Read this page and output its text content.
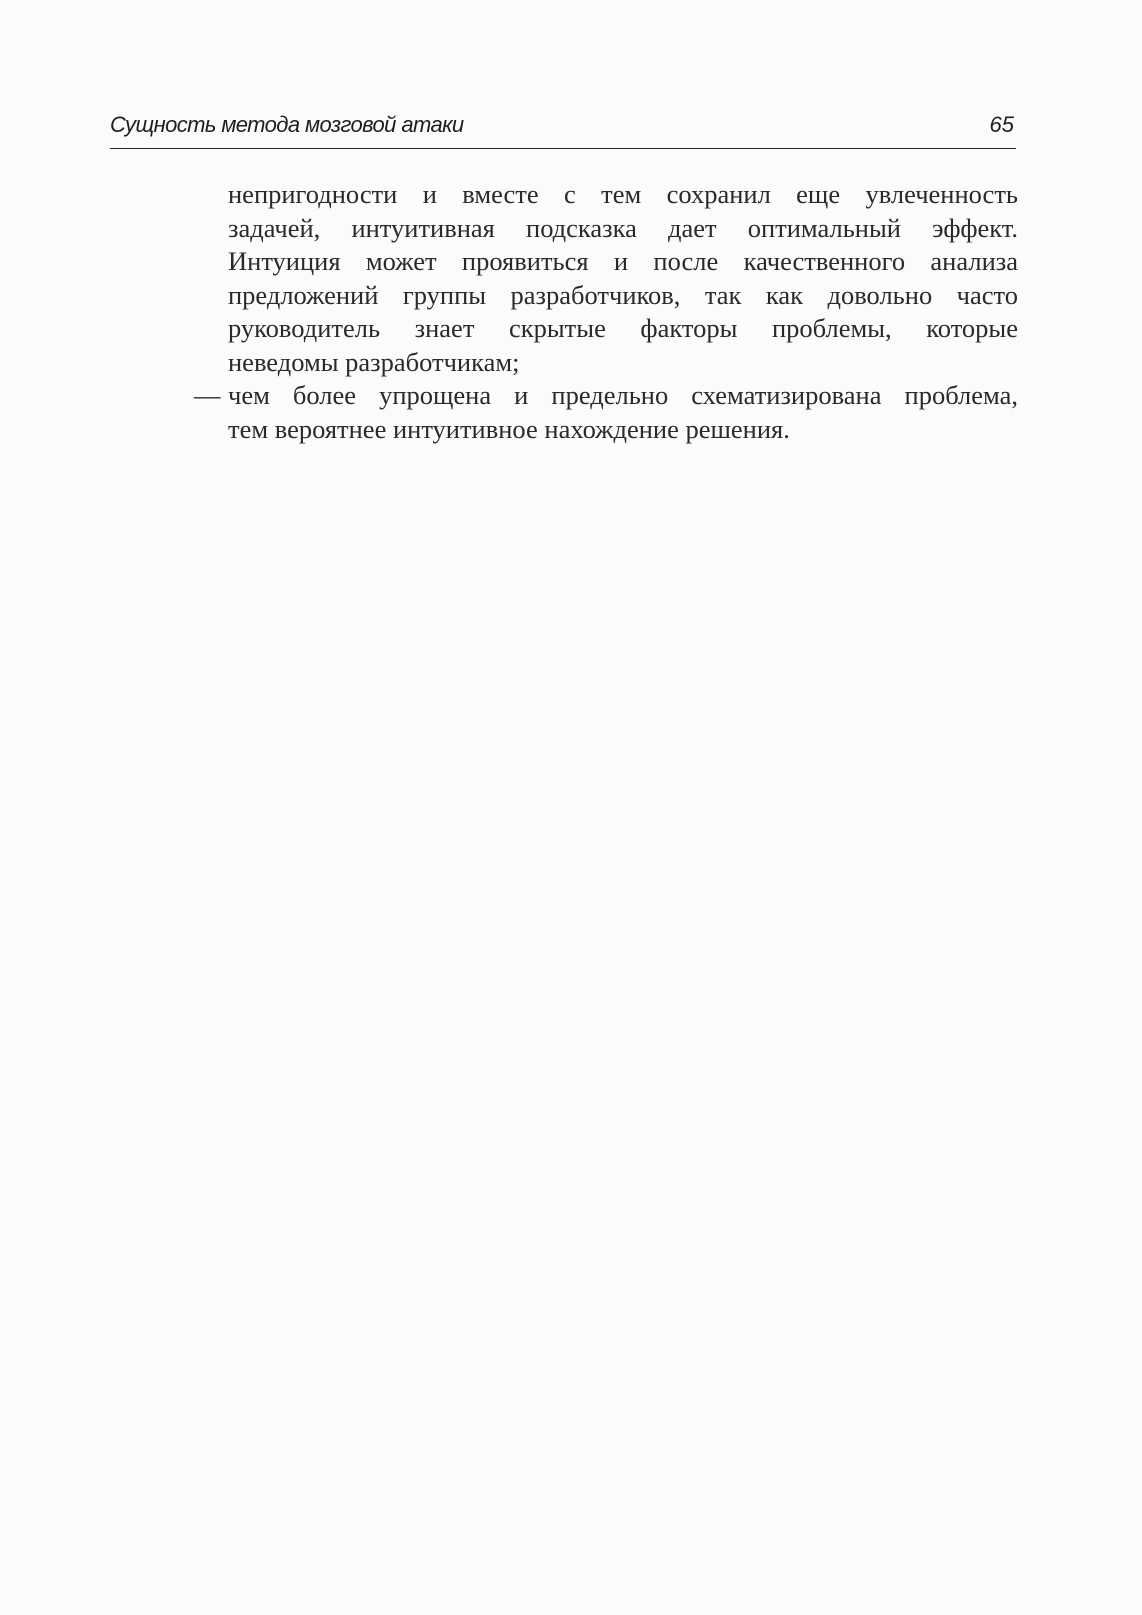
Сущность метода мозговой атаки	65
непригодности и вместе с тем сохранил еще увлеченность
задачей, интуитивная подсказка дает оптимальный эффект.
Интуиция может проявиться и после качественного анализа
предложений группы разработчиков, так как довольно часто
руководитель знает скрытые факторы проблемы, которые
неведомы разработчикам;
— чем более упрощена и предельно схематизирована проблема,
тем вероятнее интуитивное нахождение решения.
